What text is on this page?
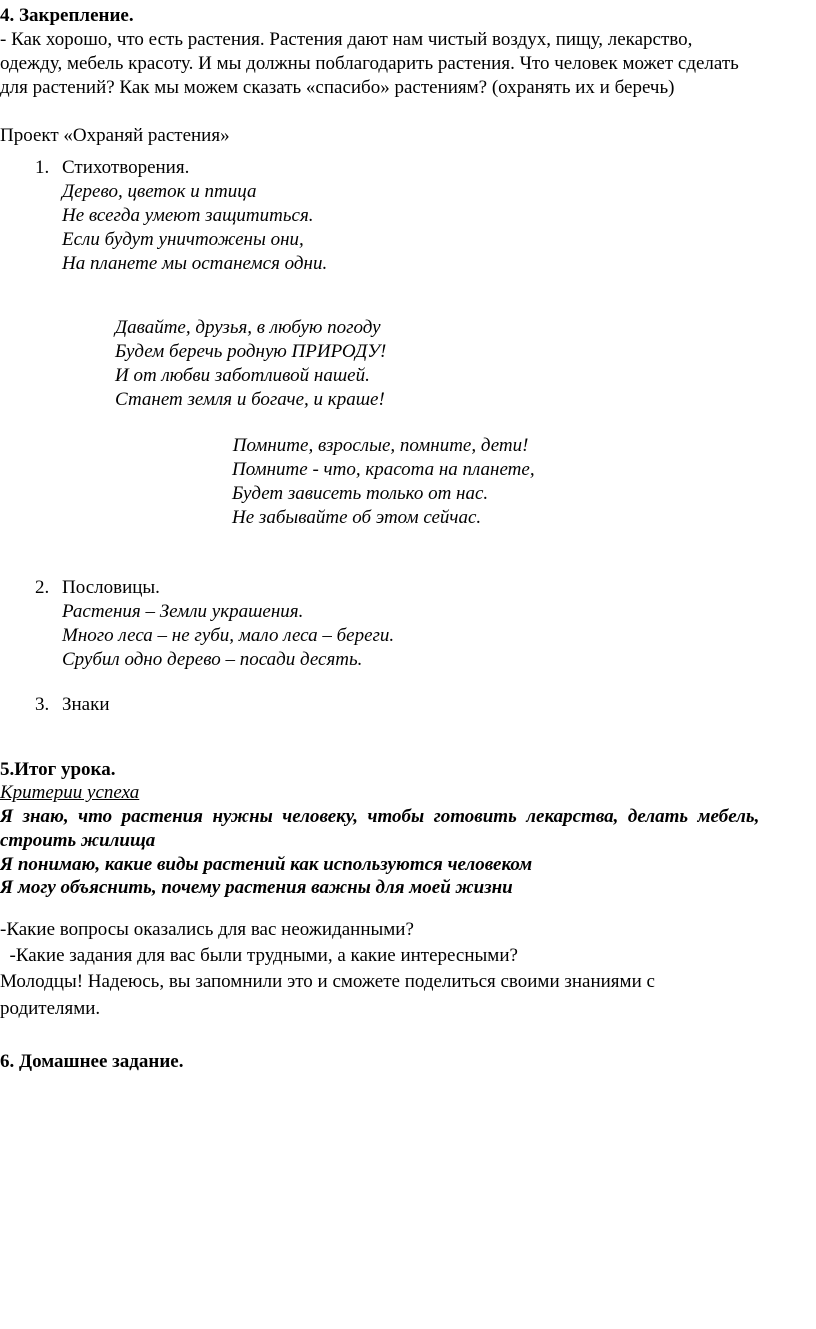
4. Закрепление.
- Как хорошо, что есть растения. Растения дают нам чистый воздух, пищу, лекарство,
одежду, мебель красоту. И мы должны поблагодарить растения. Что человек может сделать
для растений? Как мы можем сказать «спасибо» растениям? (охранять их и беречь)
Проект «Охраняй растения»
1. Стихотворения.
Дерево, цветок и птица
Не всегда умеют защититься.
Если будут уничтожены они,
На планете мы останемся одни.
Давайте, друзья, в любую погоду
Будем беречь родную ПРИРОДУ!
И от любви заботливой нашей.
Станет земля и богаче, и краше!
Помните, взрослые, помните, дети!
Помните - что, красота на планете,
Будет зависеть только от нас.
Не забывайте об этом сейчас.
2. Пословицы.
Растения – Земли украшения.
Много леса – не губи, мало леса – береги.
Срубил одно дерево – посади десять.
3. Знаки
5.Итог урока.
Критерии успеха
Я  знаю,  что  растения  нужны  человеку,  чтобы  готовить  лекарства,  делать  мебель,
строить жилища
Я понимаю, какие виды растений как используются человеком
Я могу объяснить, почему растения важны для моей жизни
-Какие вопросы оказались для вас неожиданными?
-Какие задания для вас были трудными, а какие интересными?
Молодцы! Надеюсь, вы запомнили это и сможете поделиться своими знаниями с
родителями.
6. Домашнее задание.
